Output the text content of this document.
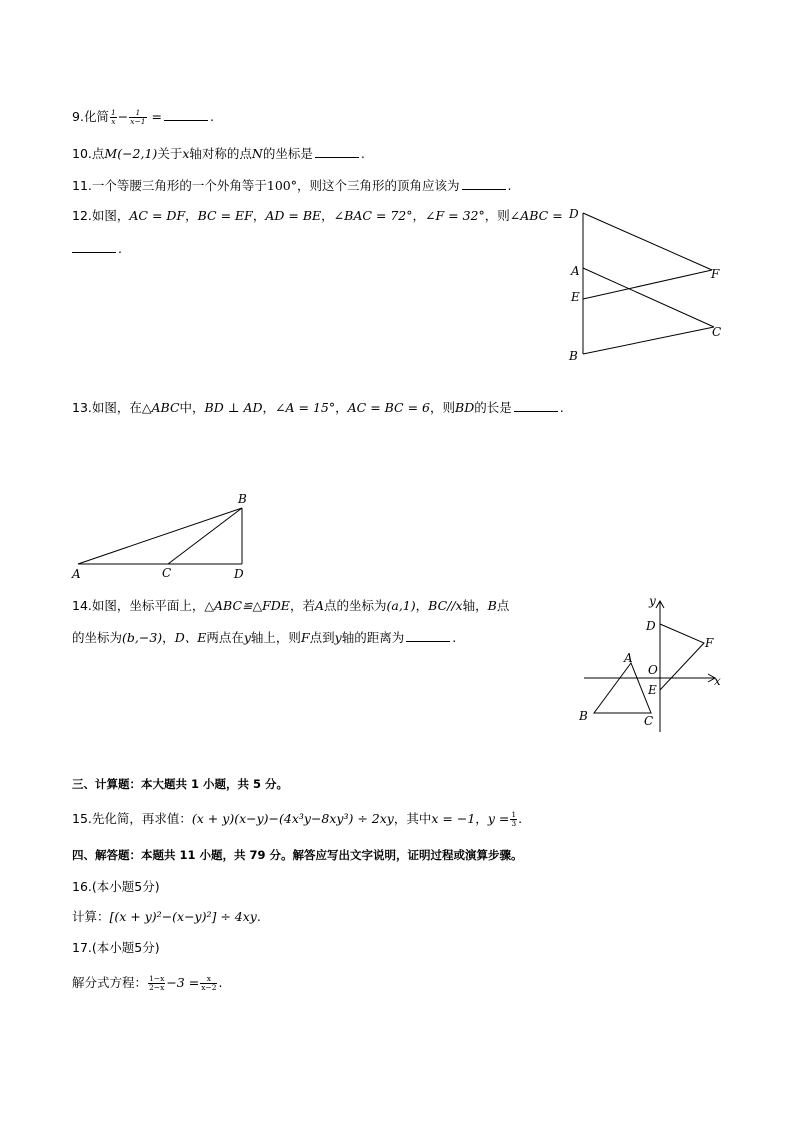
9.化简 $\frac{1}{x} - \frac{1}{x-1}$ =	.
10.点M(−2,1)关于x轴对称的点N的坐标是	.
11.一个等腰三角形的一个外角等于100°，则这个三角形的顶角应该为	.
12.如图，AC = DF，BC = EF，AD = BE，∠BAC = 72°，∠F = 32°，则∠ABC =
.
D
A
E
B
F
C
13.如图，在△ABC中，BD ⊥ AD，∠A = 15°，AC = BC = 6，则BD的长是	.
A
B
C	D
14.如图，坐标平面上，△ABC≌△FDE，若A点的坐标为(a,1)，BC//x轴，B点
的坐标为(b,−3)，D、E两点在y轴上，则F点到y轴的距离为	.
y
x
O
D
F
A
E
B	C
三、计算题：本大题共 1 小题，共 5 分。
15.先化简，再求值：(x + y)(x−y)−(4x³y−8xy³) ÷ 2xy，其中x = −1，$y = \frac{1}{3}$ .
四、解答题：本题共 11 小题，共 79 分。解答应写出文字说明，证明过程或演算步骤。
16.(本小题5分)
计算：[(x + y)²−(x−y)²] ÷ 4xy.
17.(本小题5分)
解分式方程： $\frac{1-x}{2-x} -3 = \frac{x}{x-2}$ .
